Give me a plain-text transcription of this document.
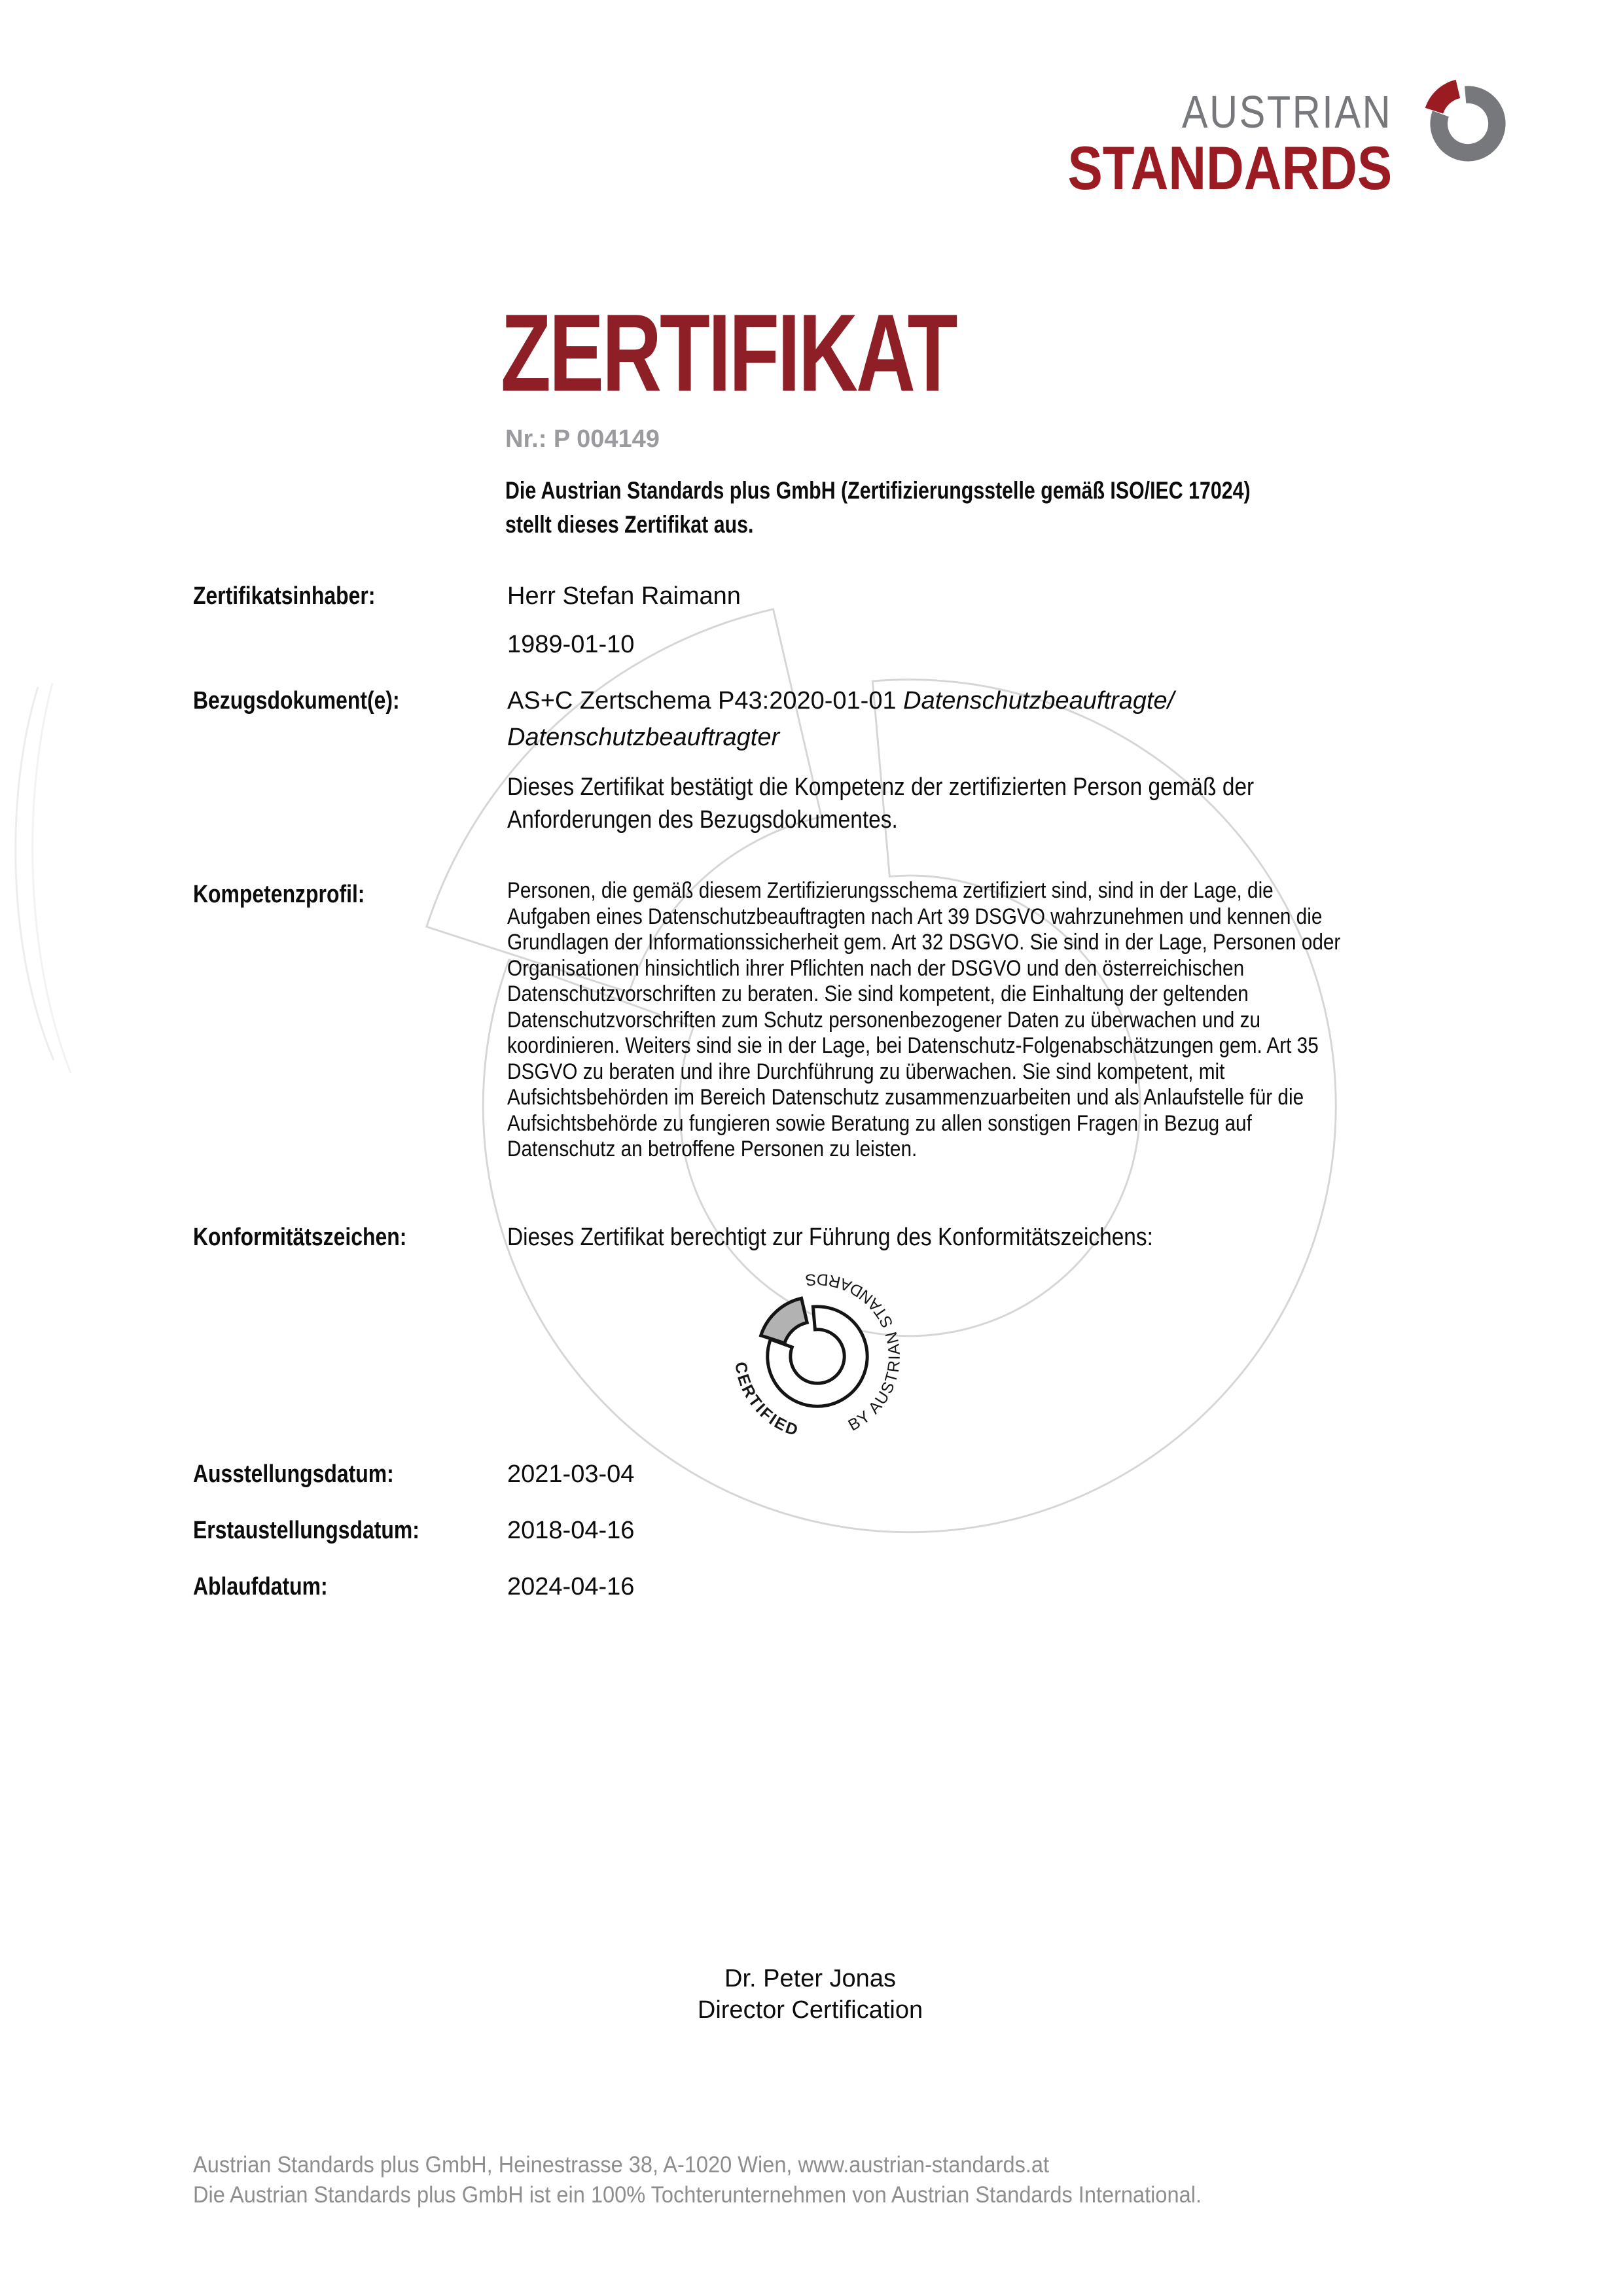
AUSTRIAN
STANDARDS
ZERTIFIKAT
Nr.: P 004149
Die Austrian Standards plus GmbH (Zertifizierungsstelle gemäß ISO/IEC 17024)
stellt dieses Zertifikat aus.
Zertifikatsinhaber:	Herr Stefan Raimann
1989-01-10
Bezugsdokument(e):	AS+C Zertschema P43:2020-01-01 Datenschutzbeauftragte/
Datenschutzbeauftragter
Dieses Zertifikat bestätigt die Kompetenz der zertifizierten Person gemäß der
Anforderungen des Bezugsdokumentes.
Kompetenzprofil:	Personen, die gemäß diesem Zertifizierungsschema zertifiziert sind, sind in der Lage, die Aufgaben eines Datenschutzbeauftragten nach Art 39 DSGVO wahrzunehmen und kennen die Grundlagen der Informationssicherheit gem. Art 32 DSGVO. Sie sind in der Lage, Personen oder Organisationen hinsichtlich ihrer Pflichten nach der DSGVO und den österreichischen Datenschutzvorschriften zu beraten. Sie sind kompetent, die Einhaltung der geltenden Datenschutzvorschriften zum Schutz personenbezogener Daten zu überwachen und zu koordinieren. Weiters sind sie in der Lage, bei Datenschutz-Folgenabschätzungen gem. Art 35 DSGVO zu beraten und ihre Durchführung zu überwachen. Sie sind kompetent, mit Aufsichtsbehörden im Bereich Datenschutz zusammenzuarbeiten und als Anlaufstelle für die Aufsichtsbehörde zu fungieren sowie Beratung zu allen sonstigen Fragen in Bezug auf Datenschutz an betroffene Personen zu leisten.
Konformitätszeichen:	Dieses Zertifikat berechtigt zur Führung des Konformitätszeichens:
CERTIFIED            BY AUSTRIAN STANDARDS
Ausstellungsdatum:	2021-03-04
Erstaustellungsdatum:	2018-04-16
Ablaufdatum:	2024-04-16
Dr. Peter Jonas
Director Certification
Austrian Standards plus GmbH, Heinestrasse 38, A-1020 Wien, www.austrian-standards.at
Die Austrian Standards plus GmbH ist ein 100% Tochterunternehmen von Austrian Standards International.
